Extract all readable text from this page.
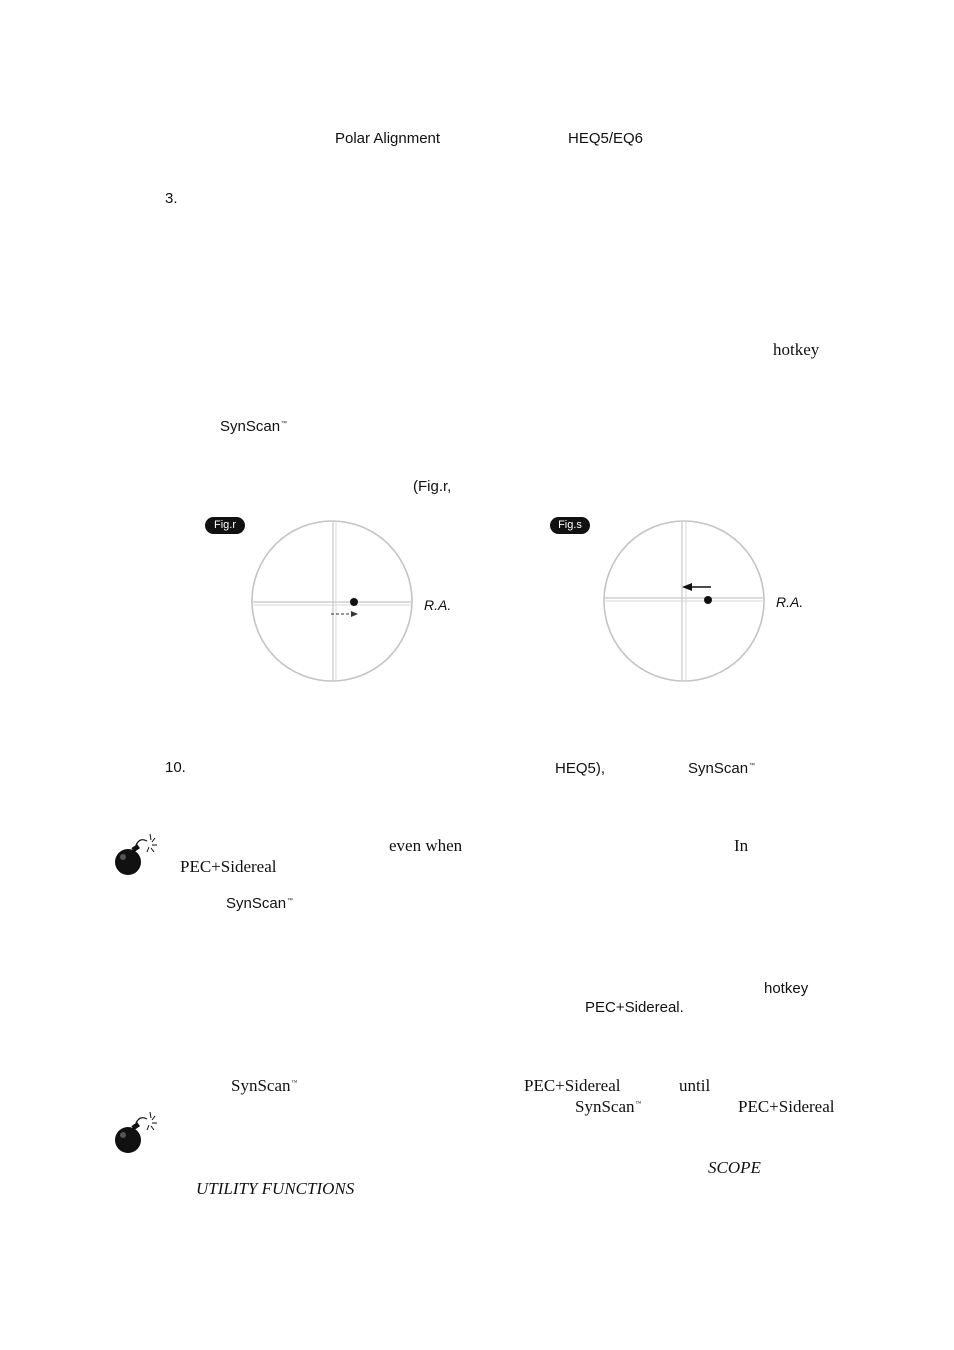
Polar Alignment	HEQ5/EQ6
3.
hotkey
SynScan™
(Fig.r,
Fig.r
R.A.
Fig.s
R.A.
10.	HEQ5),	SynScan™
even when	In
PEC+Sidereal
SynScan™
hotkey
PEC+Sidereal.
SynScan™	PEC+Sidereal	until
SynScan™	PEC+Sidereal
SCOPE
UTILITY FUNCTIONS
